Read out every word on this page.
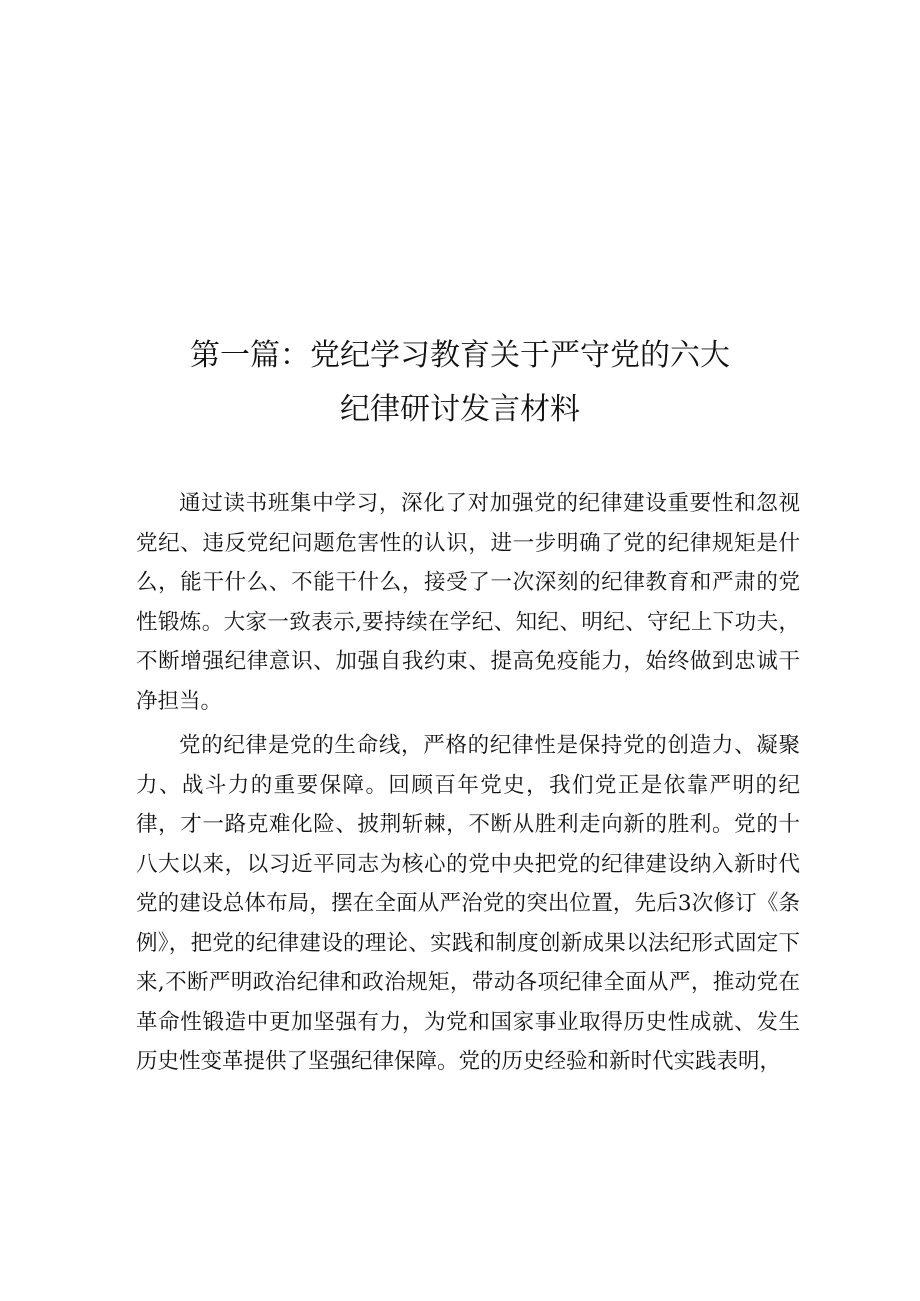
第一篇：党纪学习教育关于严守党的六大
纪律研讨发言材料

通过读书班集中学习，深化了对加强党的纪律建设重要性和忽视党纪、违反党纪问题危害性的认识，进一步明确了党的纪律规矩是什么，能干什么、不能干什么，接受了一次深刻的纪律教育和严肃的党性锻炼。大家一致表示,要持续在学纪、知纪、明纪、守纪上下功夫，不断增强纪律意识、加强自我约束、提高免疫能力，始终做到忠诚干净担当。

党的纪律是党的生命线，严格的纪律性是保持党的创造力、凝聚力、战斗力的重要保障。回顾百年党史，我们党正是依靠严明的纪律，才一路克难化险、披荆斩棘，不断从胜利走向新的胜利。党的十八大以来，以习近平同志为核心的党中央把党的纪律建设纳入新时代党的建设总体布局，摆在全面从严治党的突出位置，先后3次修订《条例》，把党的纪律建设的理论、实践和制度创新成果以法纪形式固定下来,不断严明政治纪律和政治规矩，带动各项纪律全面从严，推动党在革命性锻造中更加坚强有力，为党和国家事业取得历史性成就、发生历史性变革提供了坚强纪律保障。党的历史经验和新时代实践表明，
